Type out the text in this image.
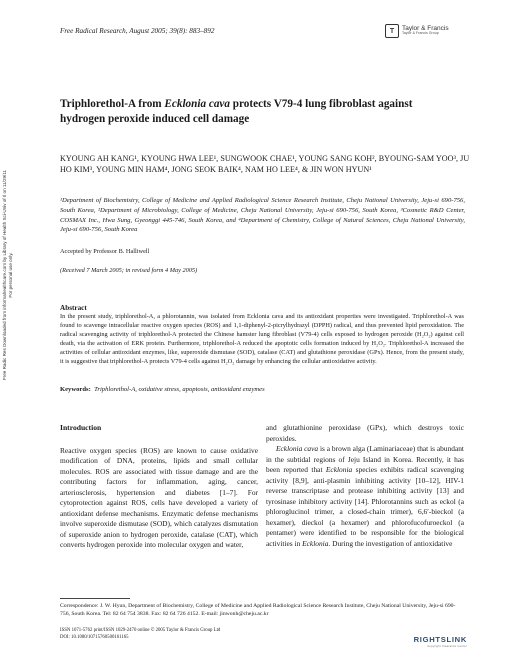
Free Radical Research, August 2005; 39(8): 883–892	T	Taylor & Francis
Taylor & Francis Group
Free Radic Res Downloaded from informahealthcare.com by Library of Health Sci-Univ of Il on 11/29/11 For personal use only.
Triphlorethol-A from Ecklonia cava protects V79-4 lung fibroblast against hydrogen peroxide induced cell damage
KYOUNG AH KANG¹, KYOUNG HWA LEE¹, SUNGWOOK CHAE¹, YOUNG SANG KOH², BYOUNG-SAM YOO³, JU HO KIM³, YOUNG MIN HAM⁴, JONG SEOK BAIK⁴, NAM HO LEE⁴, & JIN WON HYUN¹
¹Department of Biochemistry, College of Medicine and Applied Radiological Science Research Institute, Cheju National University, Jeju-si 690-756, South Korea, ²Department of Microbiology, College of Medicine, Cheju National University, Jeju-si 690-756, South Korea, ³Cosmetic R&D Center, COSMAX Inc., Hwa Sung, Gyeonggi 445-746, South Korea, and ⁴Department of Chemistry, College of Natural Sciences, Cheju National University, Jeju-si 690-756, South Korea
Accepted by Professor B. Halliwell
(Received 7 March 2005; in revised form 4 May 2005)
Abstract
In the present study, triphlorethol-A, a phlorotannin, was isolated from Ecklonia cava and its antioxidant properties were investigated. Triphlorethol-A was found to scavenge intracellular reactive oxygen species (ROS) and 1,1-diphenyl-2-picrylhydrazyl (DPPH) radical, and thus prevented lipid peroxidation. The radical scavenging activity of triphlorethol-A protected the Chinese hamster lung fibroblast (V79-4) cells exposed to hydrogen peroxide (H₂O₂) against cell death, via the activation of ERK protein. Furthermore, triphlorethol-A reduced the apoptotic cells formation induced by H₂O₂. Triphlorethol-A increased the activities of cellular antioxidant enzymes, like, superoxide dismutase (SOD), catalase (CAT) and glutathione peroxidase (GPx). Hence, from the present study, it is suggestive that triphlorethol-A protects V79-4 cells against H₂O₂ damage by enhancing the cellular antioxidative activity.
Keywords: Triphlorethol-A, oxidative stress, apoptosis, antioxidant enzymes
Introduction

Reactive oxygen species (ROS) are known to cause oxidative modification of DNA, proteins, lipids and small cellular molecules. ROS are associated with tissue damage and are the contributing factors for inflammation, aging, cancer, arteriosclerosis, hypertension and diabetes [1–7]. For cytoprotection against ROS, cells have developed a variety of antioxidant defense mechanisms. Enzymatic defense mechanisms involve superoxide dismutase (SOD), which catalyzes dismutation of superoxide anion to hydrogen peroxide, catalase (CAT), which converts hydrogen peroxide into molecular oxygen and water,

and glutathionine peroxidase (GPx), which destroys toxic peroxides.

Ecklonia cava is a brown alga (Laminariaceae) that is abundant in the subtidal regions of Jeju Island in Korea. Recently, it has been reported that Ecklonia species exhibits radical scavenging activity [8,9], anti-plasmin inhibiting activity [10–12], HIV-1 reverse transcriptase and protease inhibiting activity [13] and tyrosinase inhibitory activity [14]. Phlorotannins such as eckol (a phloroglucinol trimer, a closed-chain trimer), 6,6′-bieckol (a hexamer), dieckol (a hexamer) and phlorofucofuroeckol (a pentamer) were identified to be responsible for the biological activities in Ecklonia. During the investigation of antioxidative

Correspondence: J. W. Hyun, Department of Biochemistry, College of Medicine and Applied Radiological Science Research Institute, Cheju National University, Jeju-si 690-756, South Korea. Tel: 82 64 754 3838. Fax: 82 64 726 4152. E-mail: jinwonh@cheju.ac.kr
ISSN 1071-5762 print/ISSN 1029-2470 online © 2005 Taylor & Francis Group Ltd
DOI: 10.1080/10715760500161165	RIGHTSLINK
Copyright Clearance Center
